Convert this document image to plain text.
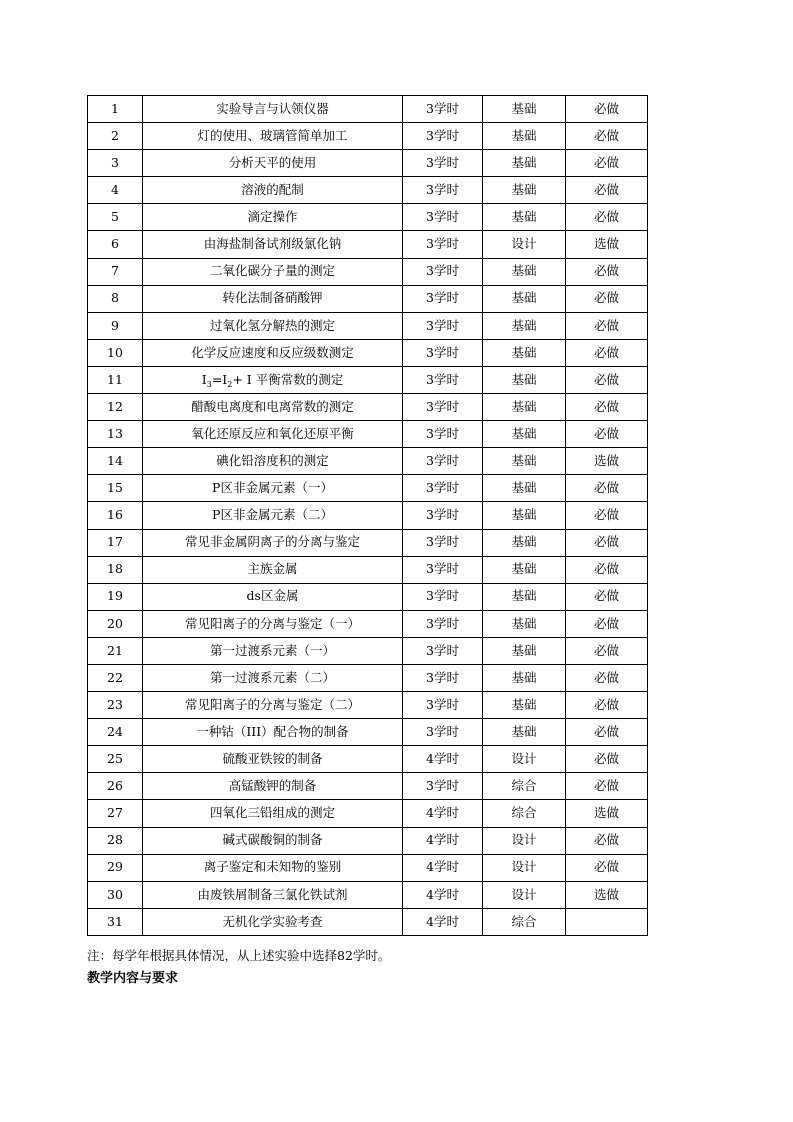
1	实验导言与认领仪器	3学时	基础	必做
2	灯的使用、玻璃管简单加工	3学时	基础	必做
3	分析天平的使用	3学时	基础	必做
4	溶液的配制	3学时	基础	必做
5	滴定操作	3学时	基础	必做
6	由海盐制备试剂级氯化钠	3学时	设计	选做
7	二氧化碳分子量的测定	3学时	基础	必做
8	转化法制备硝酸钾	3学时	基础	必做
9	过氧化氢分解热的测定	3学时	基础	必做
10	化学反应速度和反应级数测定	3学时	基础	必做
11	$I_3=I_2+ I$ 平衡常数的测定	3学时	基础	必做
12	醋酸电离度和电离常数的测定	3学时	基础	必做
13	氧化还原反应和氧化还原平衡	3学时	基础	必做
14	碘化铅溶度积的测定	3学时	基础	选做
15	P区非金属元素（一）	3学时	基础	必做
16	P区非金属元素（二）	3学时	基础	必做
17	常见非金属阴离子的分离与鉴定	3学时	基础	必做
18	主族金属	3学时	基础	必做
19	ds区金属	3学时	基础	必做
20	常见阳离子的分离与鉴定（一）	3学时	基础	必做
21	第一过渡系元素（一）	3学时	基础	必做
22	第一过渡系元素（二）	3学时	基础	必做
23	常见阳离子的分离与鉴定（二）	3学时	基础	必做
24	一种钴（III）配合物的制备	3学时	基础	必做
25	硫酸亚铁铵的制备	4学时	设计	必做
26	高锰酸钾的制备	3学时	综合	必做
27	四氧化三铅组成的测定	4学时	综合	选做
28	碱式碳酸铜的制备	4学时	设计	必做
29	离子鉴定和未知物的鉴别	4学时	设计	必做
30	由废铁屑制备三氯化铁试剂	4学时	设计	选做
31	无机化学实验考查	4学时	综合	
注：每学年根据具体情况，从上述实验中选择82学时。
教学内容与要求
